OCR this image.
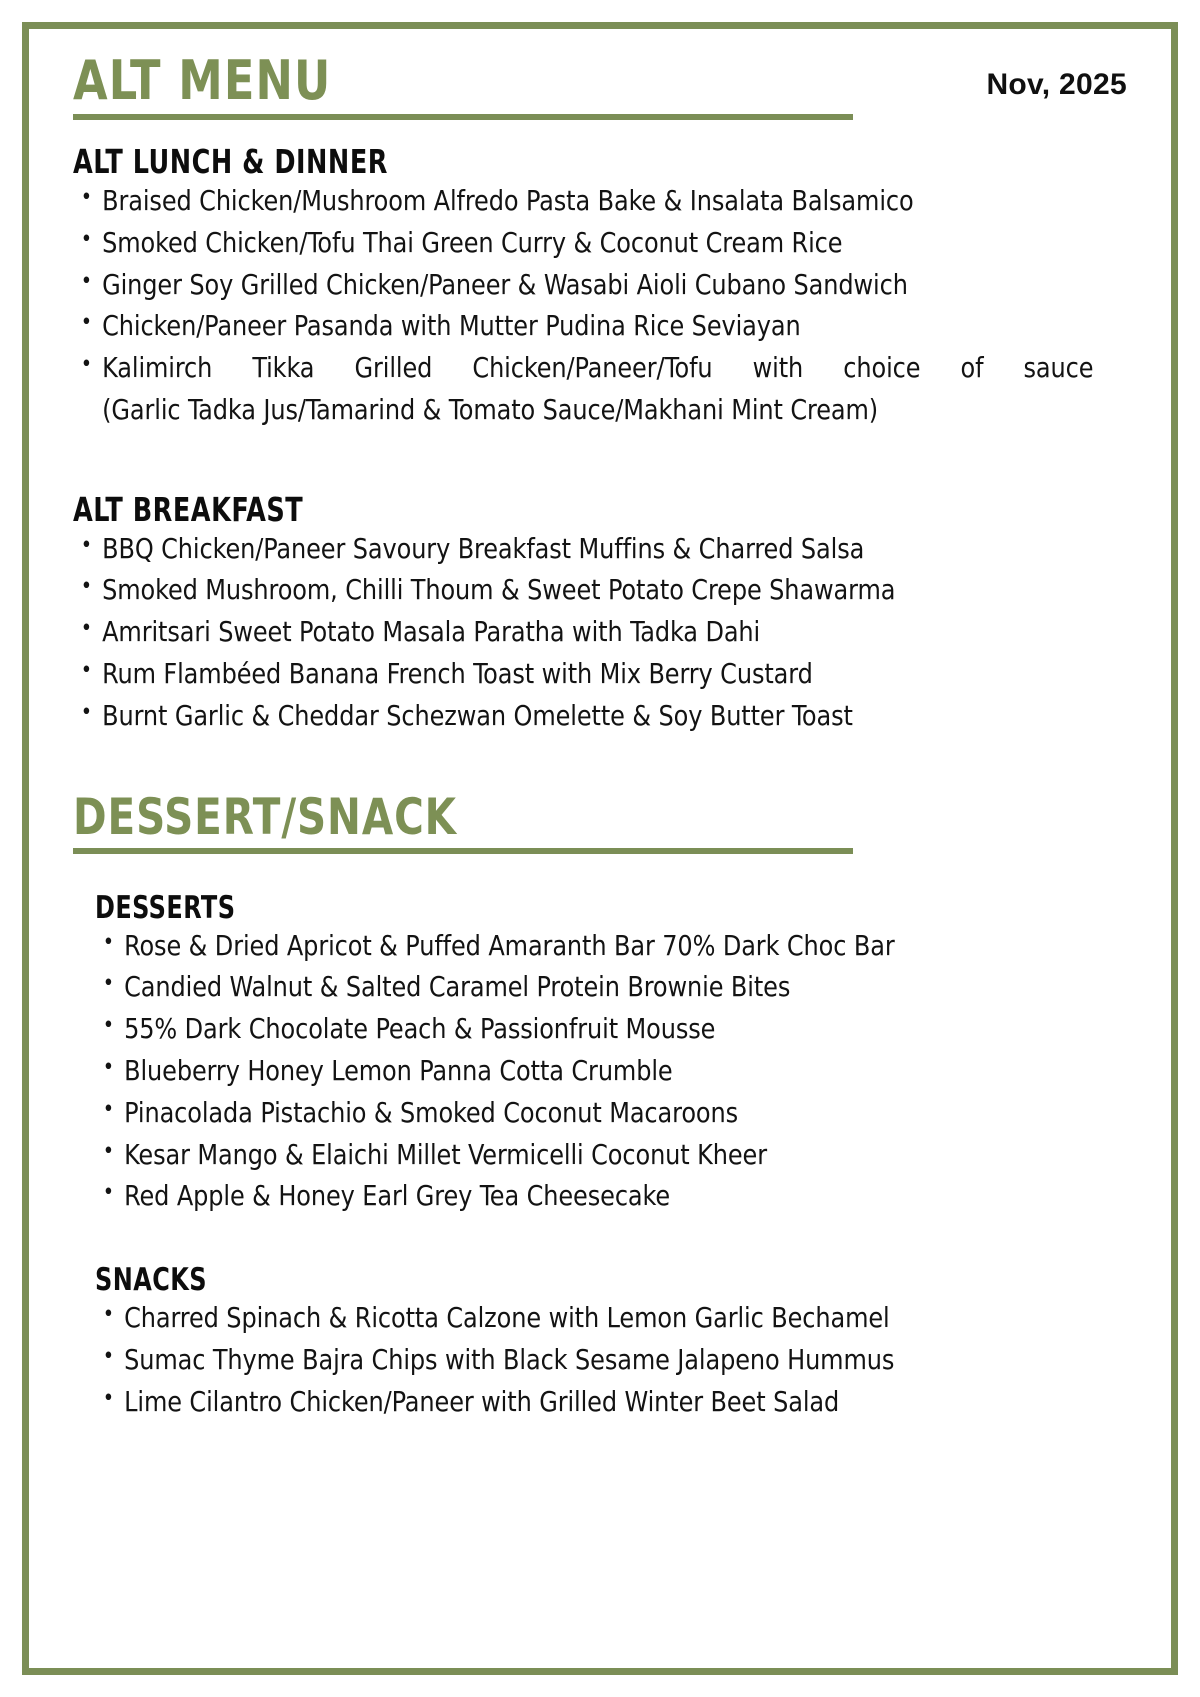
ALT MENU	Nov, 2025
ALT LUNCH & DINNER
• Braised Chicken/Mushroom Alfredo Pasta Bake & Insalata Balsamico
• Smoked Chicken/Tofu Thai Green Curry & Coconut Cream Rice
• Ginger Soy Grilled Chicken/Paneer & Wasabi Aioli Cubano Sandwich
• Chicken/Paneer Pasanda with Mutter Pudina Rice Seviayan
• Kalimirch Tikka Grilled Chicken/Paneer/Tofu with choice of sauce
(Garlic Tadka Jus/Tamarind & Tomato Sauce/Makhani Mint Cream)
ALT BREAKFAST
• BBQ Chicken/Paneer Savoury Breakfast Muffins & Charred Salsa
• Smoked Mushroom, Chilli Thoum & Sweet Potato Crepe Shawarma
• Amritsari Sweet Potato Masala Paratha with Tadka Dahi
• Rum Flambéed Banana French Toast with Mix Berry Custard
• Burnt Garlic & Cheddar Schezwan Omelette & Soy Butter Toast
DESSERT/SNACK
DESSERTS
• Rose & Dried Apricot & Puffed Amaranth Bar 70% Dark Choc Bar
• Candied Walnut & Salted Caramel Protein Brownie Bites
• 55% Dark Chocolate Peach & Passionfruit Mousse
• Blueberry Honey Lemon Panna Cotta Crumble
• Pinacolada Pistachio & Smoked Coconut Macaroons
• Kesar Mango & Elaichi Millet Vermicelli Coconut Kheer
• Red Apple & Honey Earl Grey Tea Cheesecake
SNACKS
• Charred Spinach & Ricotta Calzone with Lemon Garlic Bechamel
• Sumac Thyme Bajra Chips with Black Sesame Jalapeno Hummus
• Lime Cilantro Chicken/Paneer with Grilled Winter Beet Salad
